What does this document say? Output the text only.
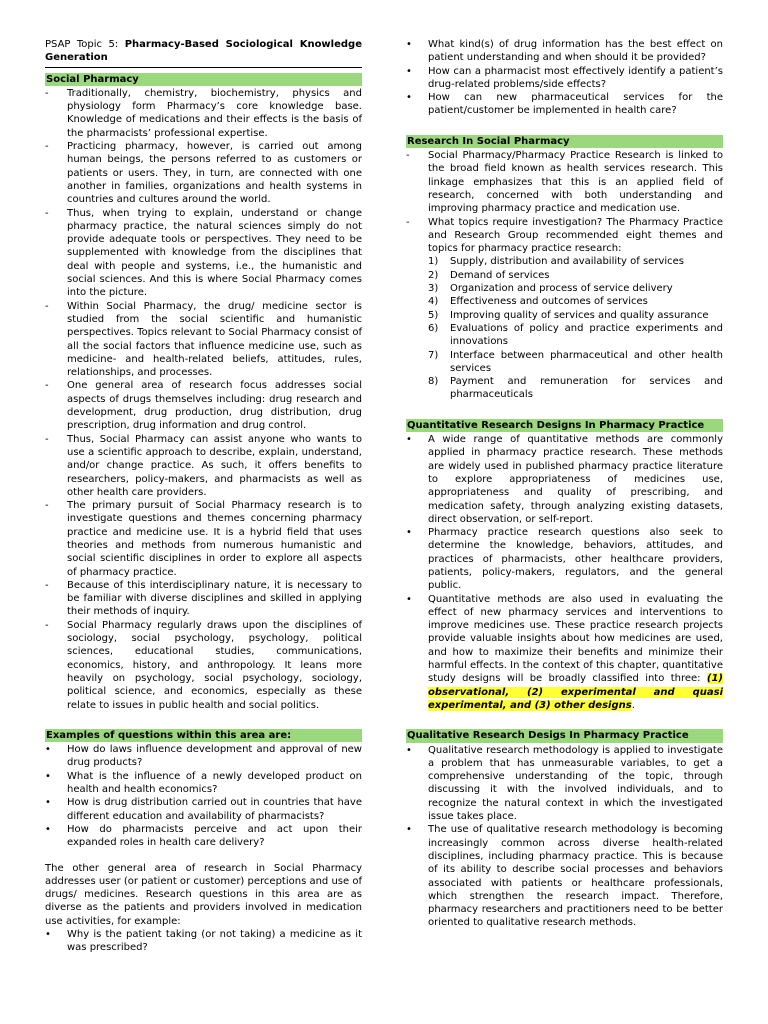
PSAP Topic 5: Pharmacy-Based Sociological Knowledge Generation
Social Pharmacy
-	Traditionally, chemistry, biochemistry, physics and physiology form Pharmacy’s core knowledge base. Knowledge of medications and their effects is the basis of the pharmacists’ professional expertise.
-	Practicing pharmacy, however, is carried out among human beings, the persons referred to as customers or patients or users. They, in turn, are connected with one another in families, organizations and health systems in countries and cultures around the world.
-	Thus, when trying to explain, understand or change pharmacy practice, the natural sciences simply do not provide adequate tools or perspectives. They need to be supplemented with knowledge from the disciplines that deal with people and systems, i.e., the humanistic and social sciences. And this is where Social Pharmacy comes into the picture.
-	Within Social Pharmacy, the drug/ medicine sector is studied from the social scientific and humanistic perspectives. Topics relevant to Social Pharmacy consist of all the social factors that influence medicine use, such as medicine- and health-related beliefs, attitudes, rules, relationships, and processes.
-	One general area of research focus addresses social aspects of drugs themselves including: drug research and development, drug production, drug distribution, drug prescription, drug information and drug control.
-	Thus, Social Pharmacy can assist anyone who wants to use a scientific approach to describe, explain, understand, and/or change practice. As such, it offers benefits to researchers, policy-makers, and pharmacists as well as other health care providers.
-	The primary pursuit of Social Pharmacy research is to investigate questions and themes concerning pharmacy practice and medicine use. It is a hybrid field that uses theories and methods from numerous humanistic and social scientific disciplines in order to explore all aspects of pharmacy practice.
-	Because of this interdisciplinary nature, it is necessary to be familiar with diverse disciplines and skilled in applying their methods of inquiry.
-	Social Pharmacy regularly draws upon the disciplines of sociology, social psychology, psychology, political sciences, educational studies, communications, economics, history, and anthropology. It leans more heavily on psychology, social psychology, sociology, political science, and economics, especially as these relate to issues in public health and social politics.
Examples of questions within this area are:
•	How do laws influence development and approval of new drug products?
•	What is the influence of a newly developed product on health and health economics?
•	How is drug distribution carried out in countries that have different education and availability of pharmacists?
•	How do pharmacists perceive and act upon their expanded roles in health care delivery?

The other general area of research in Social Pharmacy addresses user (or patient or customer) perceptions and use of drugs/ medicines. Research questions in this area are as diverse as the patients and providers involved in medication use activities, for example:

•	Why is the patient taking (or not taking) a medicine as it was prescribed?
•	What kind(s) of drug information has the best effect on patient understanding and when should it be provided?
•	How can a pharmacist most effectively identify a patient’s drug-related problems/side effects?
•	How can new pharmaceutical services for the patient/customer be implemented in health care?
Research In Social Pharmacy
-	Social Pharmacy/Pharmacy Practice Research is linked to the broad field known as health services research. This linkage emphasizes that this is an applied field of research, concerned with both understanding and improving pharmacy practice and medication use.
-	What topics require investigation? The Pharmacy Practice and Research Group recommended eight themes and topics for pharmacy practice research:
1) Supply, distribution and availability of services
2) Demand of services
3) Organization and process of service delivery
4) Effectiveness and outcomes of services
5) Improving quality of services and quality assurance
6) Evaluations of policy and practice experiments and innovations
7) Interface between pharmaceutical and other health services
8) Payment and remuneration for services and pharmaceuticals
Quantitative Research Designs In Pharmacy Practice
•	A wide range of quantitative methods are commonly applied in pharmacy practice research. These methods are widely used in published pharmacy practice literature to explore appropriateness of medicines use, appropriateness and quality of prescribing, and medication safety, through analyzing existing datasets, direct observation, or self-report.
•	Pharmacy practice research questions also seek to determine the knowledge, behaviors, attitudes, and practices of pharmacists, other healthcare providers, patients, policy-makers, regulators, and the general public.
•	Quantitative methods are also used in evaluating the effect of new pharmacy services and interventions to improve medicines use. These practice research projects provide valuable insights about how medicines are used, and how to maximize their benefits and minimize their harmful effects. In the context of this chapter, quantitative study designs will be broadly classified into three: (1) observational, (2) experimental and quasi experimental, and (3) other designs.
Qualitative Research Desigs In Pharmacy Practice
•	Qualitative research methodology is applied to investigate a problem that has unmeasurable variables, to get a comprehensive understanding of the topic, through discussing it with the involved individuals, and to recognize the natural context in which the investigated issue takes place.
•	The use of qualitative research methodology is becoming increasingly common across diverse health-related disciplines, including pharmacy practice. This is because of its ability to describe social processes and behaviors associated with patients or healthcare professionals, which strengthen the research impact. Therefore, pharmacy researchers and practitioners need to be better oriented to qualitative research methods.
